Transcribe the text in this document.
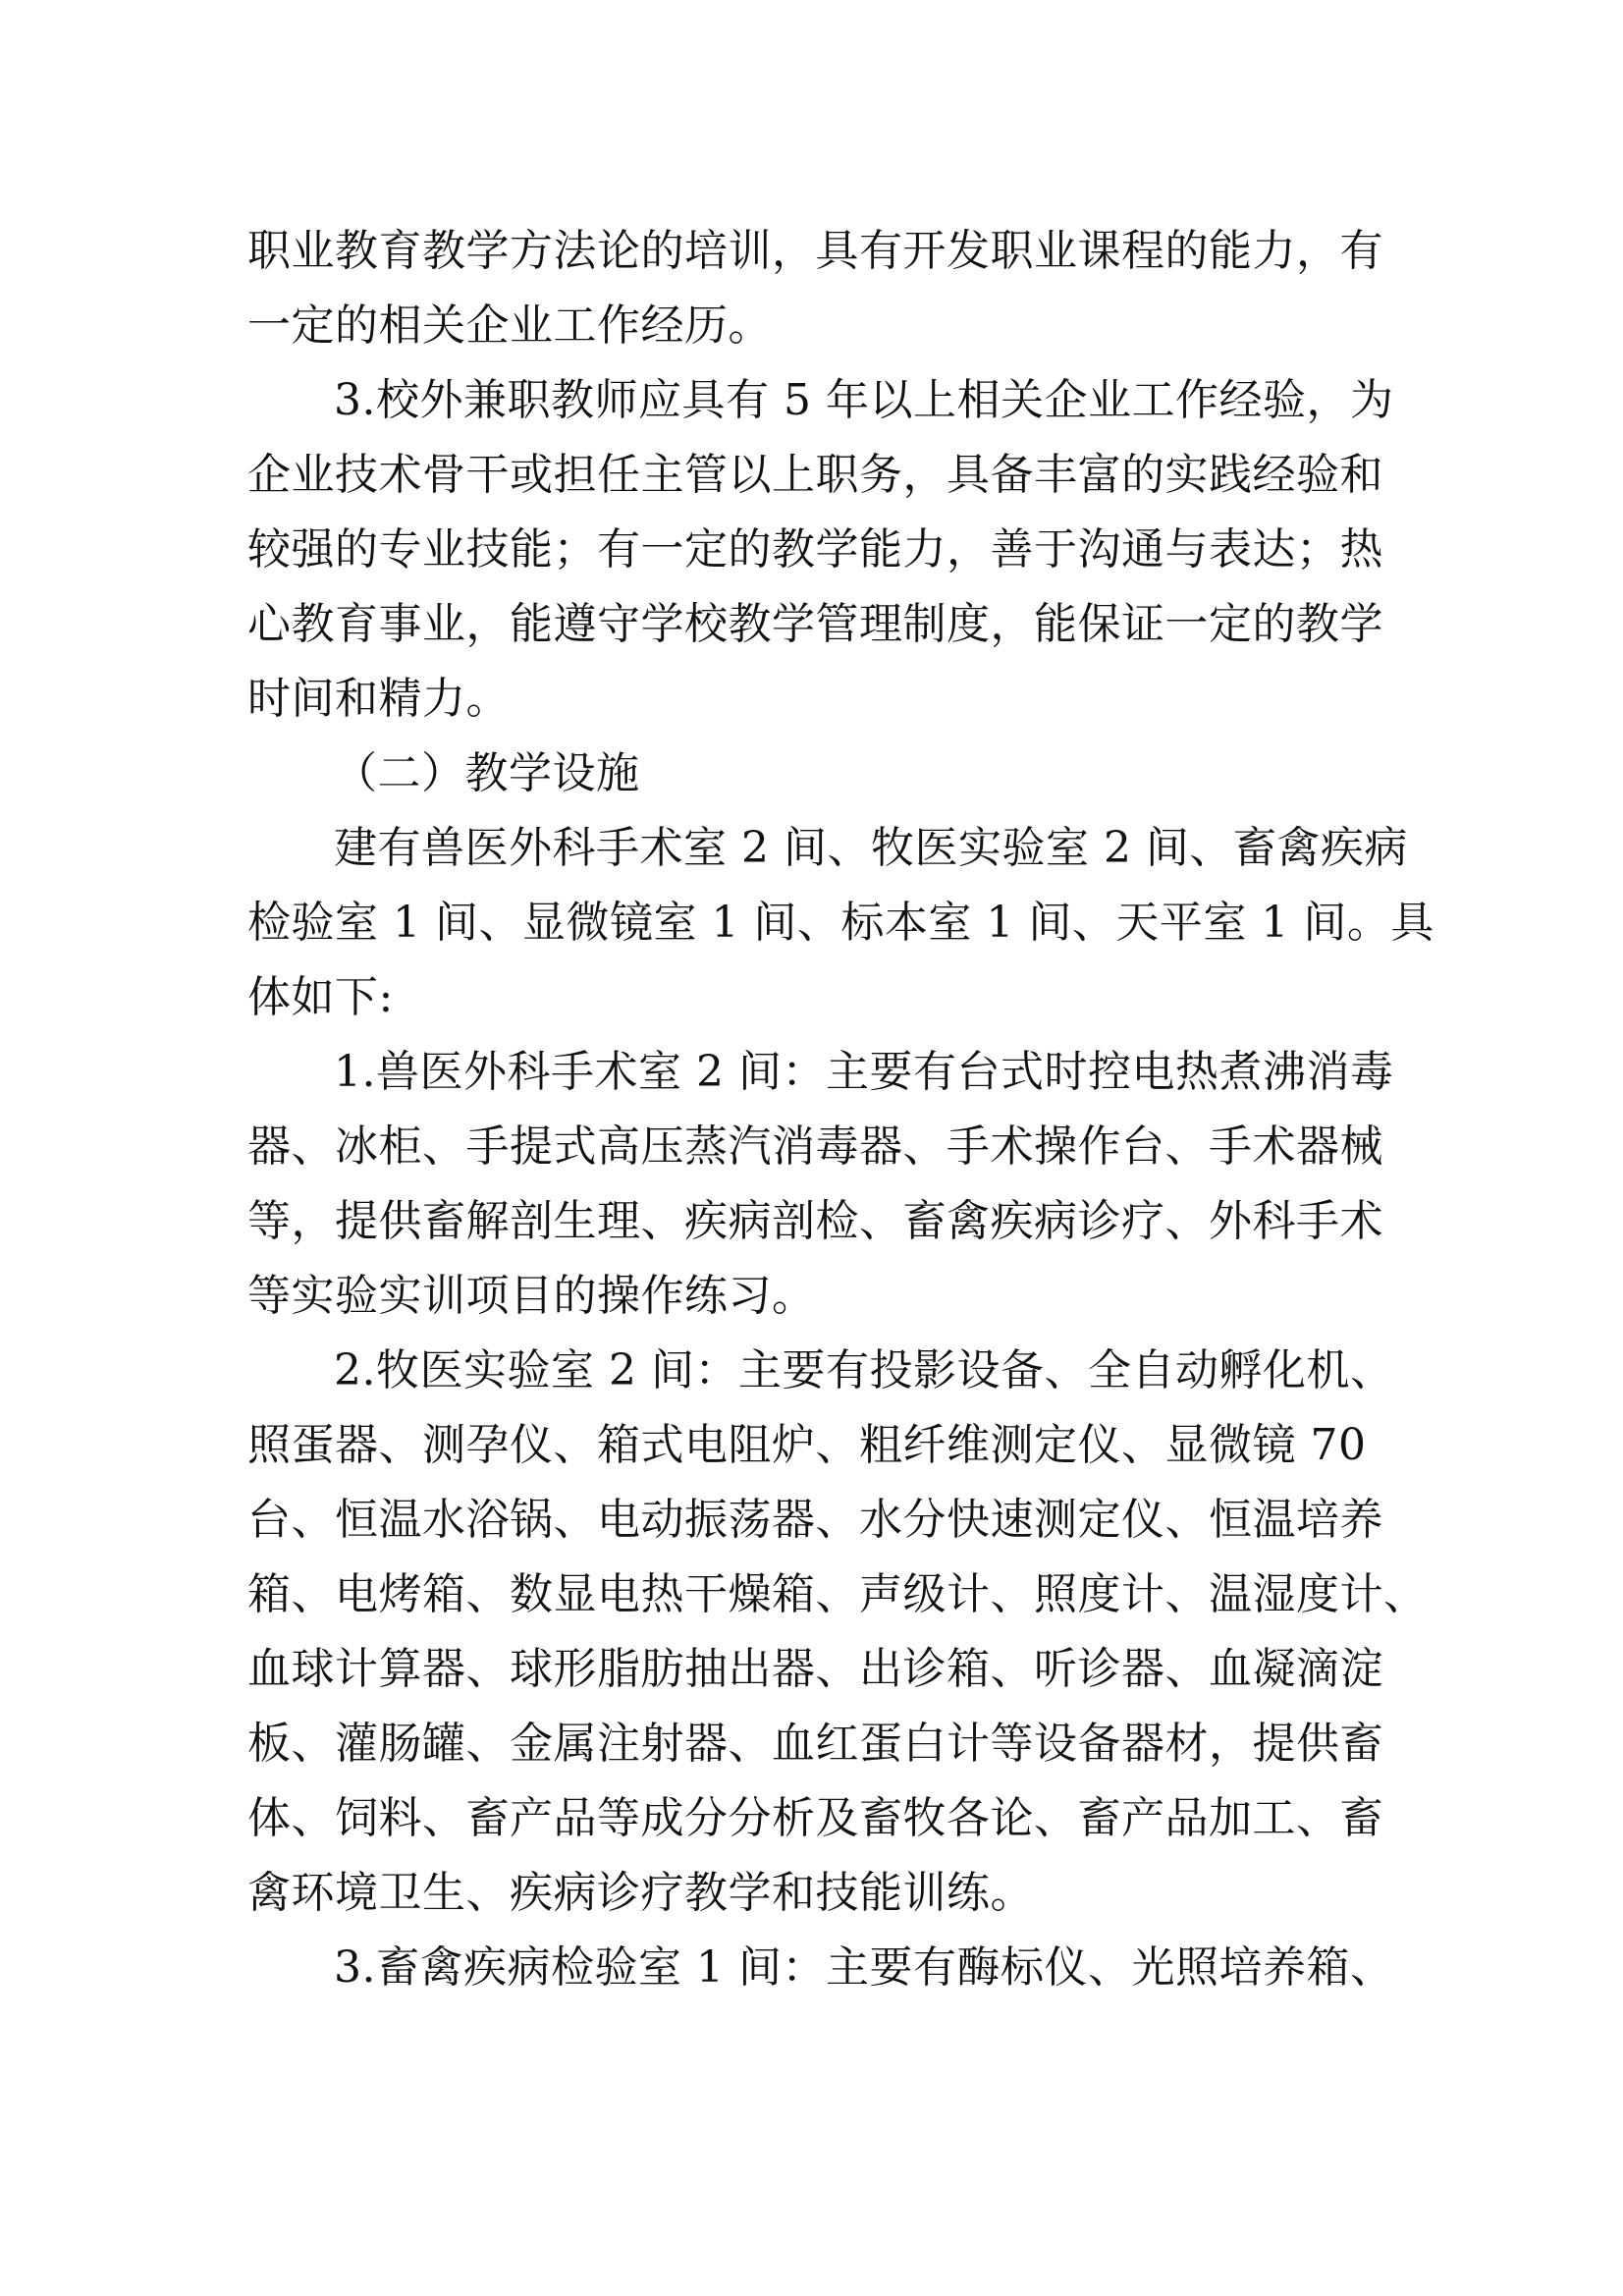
职业教育教学方法论的培训，具有开发职业课程的能力，有
一定的相关企业工作经历。
3.校外兼职教师应具有 5 年以上相关企业工作经验，为
企业技术骨干或担任主管以上职务，具备丰富的实践经验和
较强的专业技能；有一定的教学能力，善于沟通与表达；热
心教育事业，能遵守学校教学管理制度，能保证一定的教学
时间和精力。
（二）教学设施
建有兽医外科手术室 2 间、牧医实验室 2 间、畜禽疾病
检验室 1 间、显微镜室 1 间、标本室 1 间、天平室 1 间。具
体如下:
1.兽医外科手术室 2 间：主要有台式时控电热煮沸消毒
器、冰柜、手提式高压蒸汽消毒器、手术操作台、手术器械
等，提供畜解剖生理、疾病剖检、畜禽疾病诊疗、外科手术
等实验实训项目的操作练习。
2.牧医实验室 2 间：主要有投影设备、全自动孵化机、
照蛋器、测孕仪、箱式电阻炉、粗纤维测定仪、显微镜 70
台、恒温水浴锅、电动振荡器、水分快速测定仪、恒温培养
箱、电烤箱、数显电热干燥箱、声级计、照度计、温湿度计、
血球计算器、球形脂肪抽出器、出诊箱、听诊器、血凝滴淀
板、灌肠罐、金属注射器、血红蛋白计等设备器材，提供畜
体、饲料、畜产品等成分分析及畜牧各论、畜产品加工、畜
禽环境卫生、疾病诊疗教学和技能训练。
3.畜禽疾病检验室 1 间：主要有酶标仪、光照培养箱、
